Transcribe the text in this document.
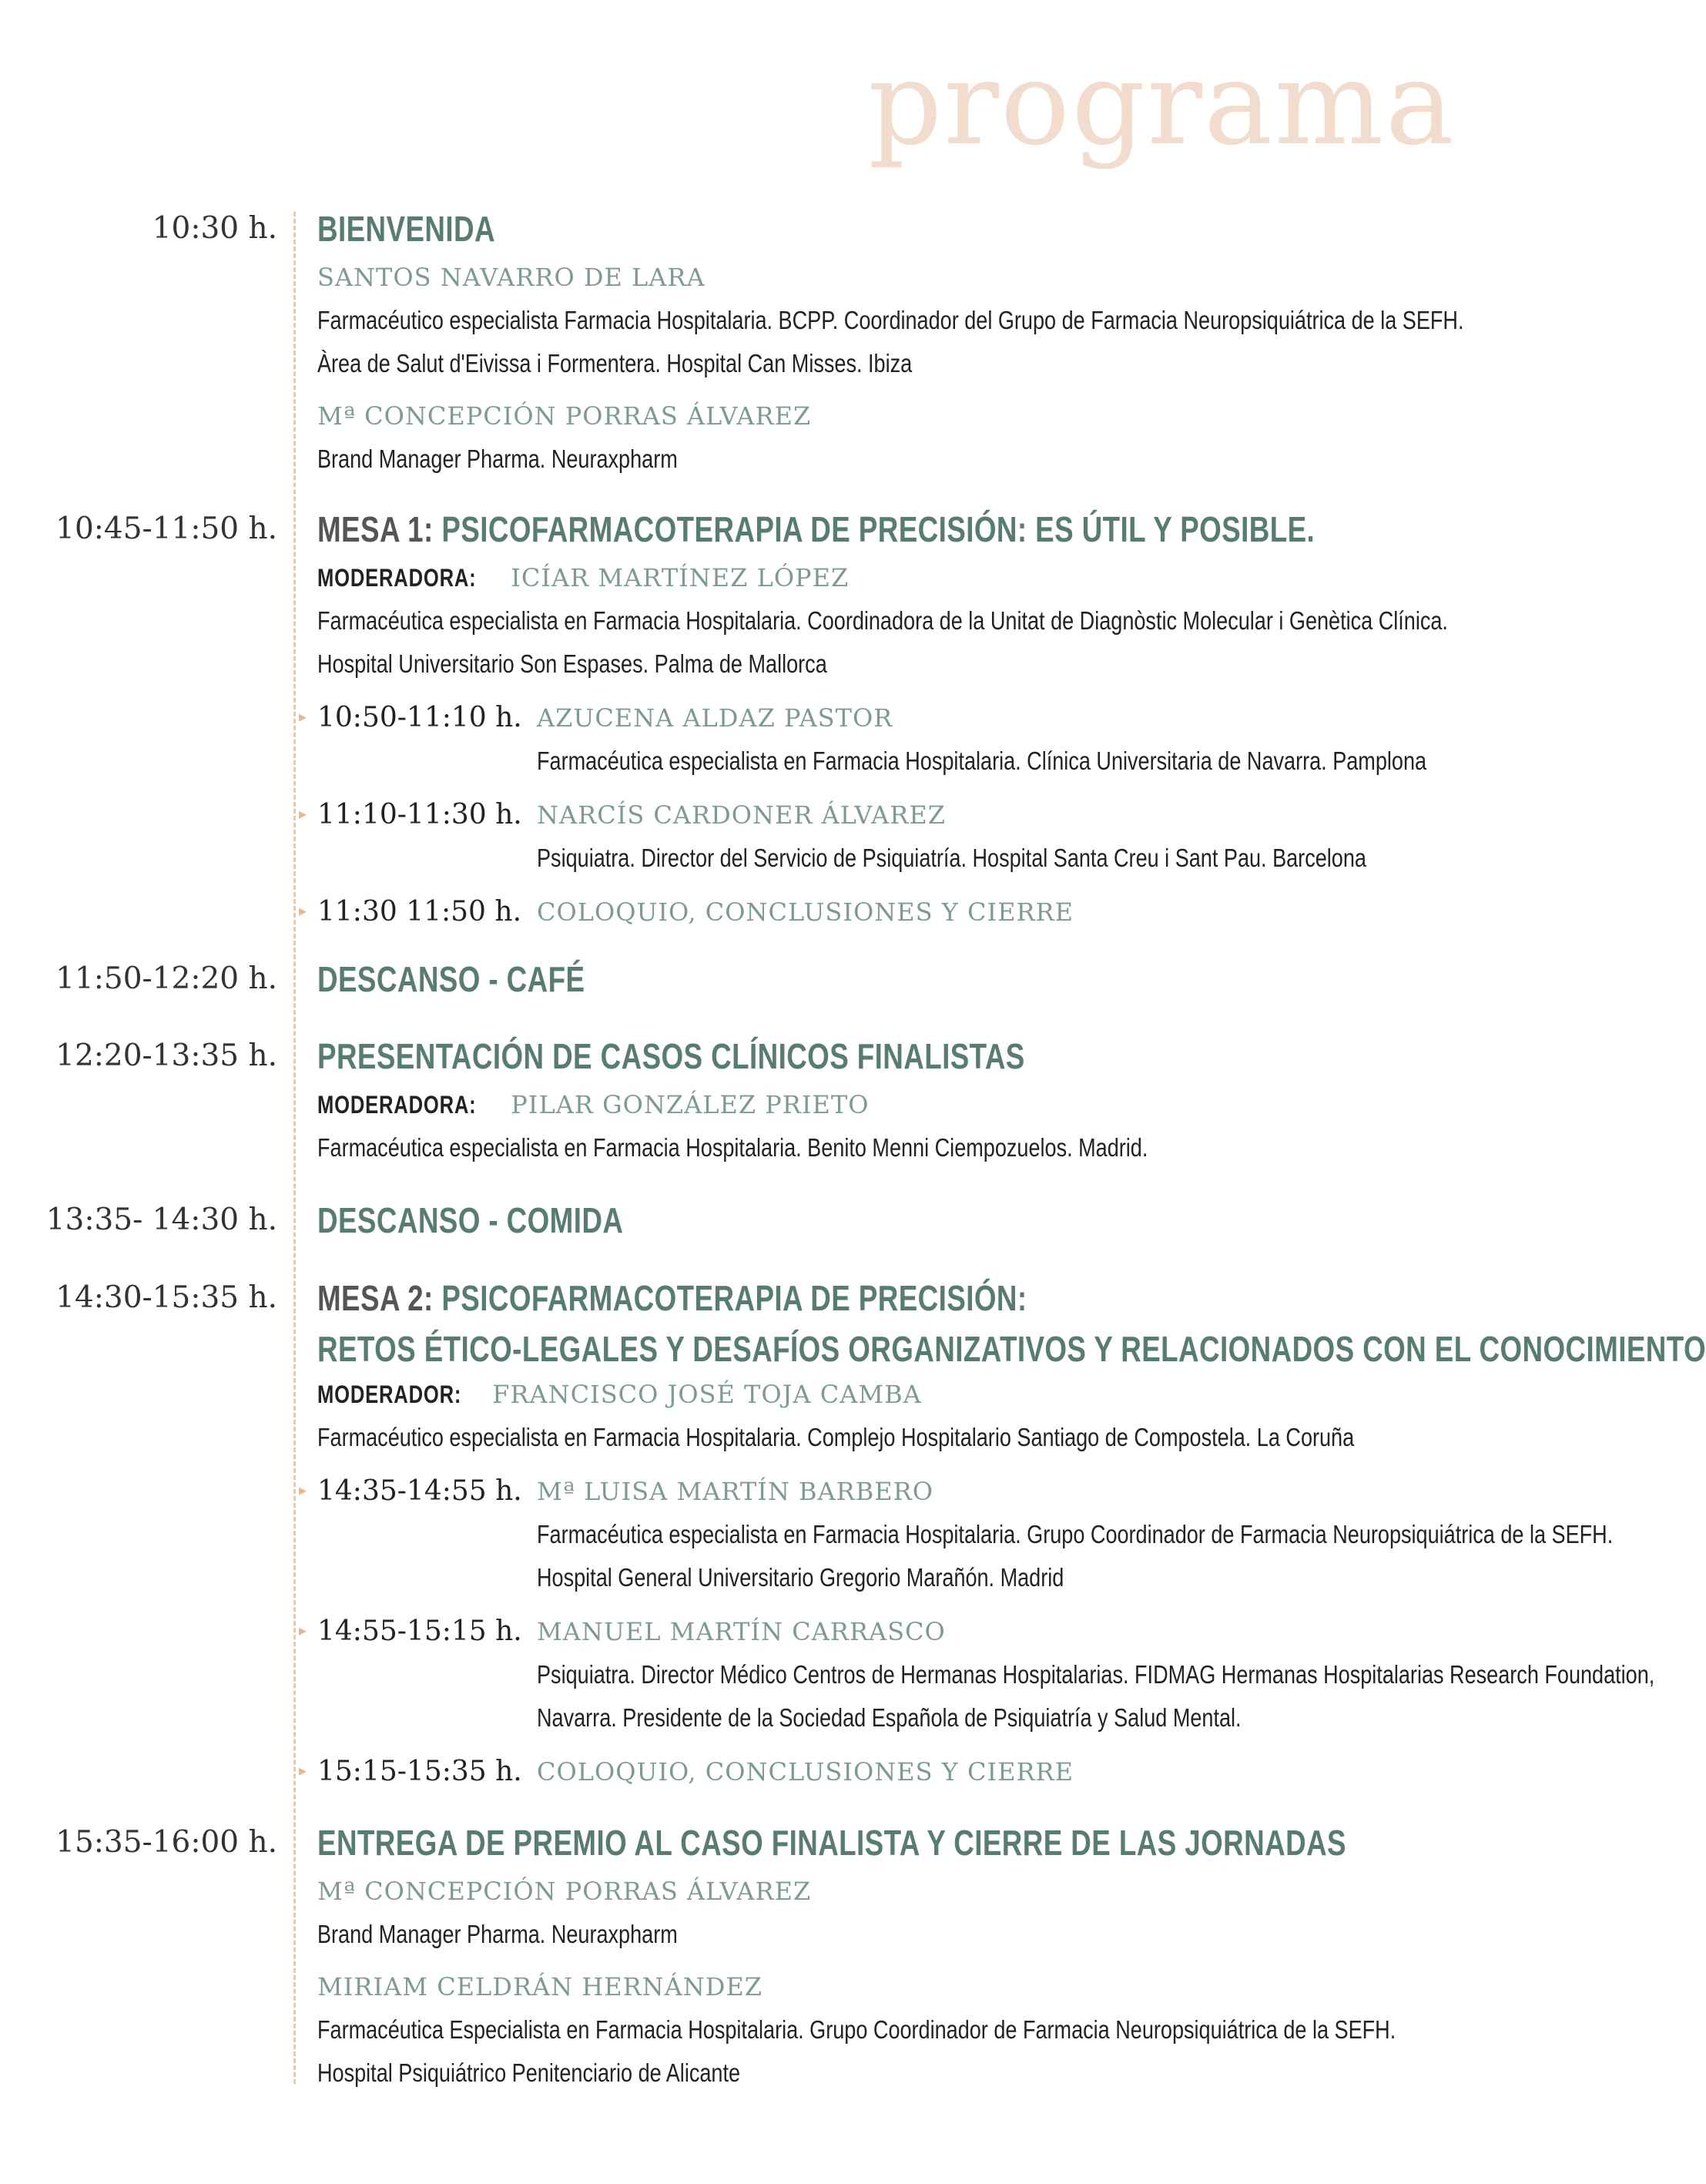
programa
10:30 h. BIENVENIDA
SANTOS NAVARRO DE LARA
Farmacéutico especialista Farmacia Hospitalaria. BCPP. Coordinador del Grupo de Farmacia Neuropsiquiátrica de la SEFH.
Àrea de Salut d'Eivissa i Formentera. Hospital Can Misses. Ibiza
Mª CONCEPCIÓN PORRAS ÁLVAREZ
Brand Manager Pharma. Neuraxpharm
10:45-11:50 h. MESA 1: PSICOFARMACOTERAPIA DE PRECISIÓN: ES ÚTIL Y POSIBLE.
MODERADORA: ICÍAR MARTÍNEZ LÓPEZ
Farmacéutica especialista en Farmacia Hospitalaria. Coordinadora de la Unitat de Diagnòstic Molecular i Genètica Clínica.
Hospital Universitario Son Espases. Palma de Mallorca
▸ 10:50-11:10 h. AZUCENA ALDAZ PASTOR
Farmacéutica especialista en Farmacia Hospitalaria. Clínica Universitaria de Navarra. Pamplona
▸ 11:10-11:30 h. NARCÍS CARDONER ÁLVAREZ
Psiquiatra. Director del Servicio de Psiquiatría. Hospital Santa Creu i Sant Pau. Barcelona
▸ 11:30 11:50 h. COLOQUIO, CONCLUSIONES Y CIERRE
11:50-12:20 h. DESCANSO - CAFÉ
12:20-13:35 h. PRESENTACIÓN DE CASOS CLÍNICOS FINALISTAS
MODERADORA: PILAR GONZÁLEZ PRIETO
Farmacéutica especialista en Farmacia Hospitalaria. Benito Menni Ciempozuelos. Madrid.
13:35- 14:30 h. DESCANSO - COMIDA
14:30-15:35 h. MESA 2: PSICOFARMACOTERAPIA DE PRECISIÓN:
RETOS ÉTICO-LEGALES Y DESAFÍOS ORGANIZATIVOS Y RELACIONADOS CON EL CONOCIMIENTO
MODERADOR: FRANCISCO JOSÉ TOJA CAMBA
Farmacéutico especialista en Farmacia Hospitalaria. Complejo Hospitalario Santiago de Compostela. La Coruña
▸ 14:35-14:55 h. Mª LUISA MARTÍN BARBERO
Farmacéutica especialista en Farmacia Hospitalaria. Grupo Coordinador de Farmacia Neuropsiquiátrica de la SEFH.
Hospital General Universitario Gregorio Marañón. Madrid
▸ 14:55-15:15 h. MANUEL MARTÍN CARRASCO
Psiquiatra. Director Médico Centros de Hermanas Hospitalarias. FIDMAG Hermanas Hospitalarias Research Foundation,
Navarra. Presidente de la Sociedad Española de Psiquiatría y Salud Mental.
▸ 15:15-15:35 h. COLOQUIO, CONCLUSIONES Y CIERRE
15:35-16:00 h. ENTREGA DE PREMIO AL CASO FINALISTA Y CIERRE DE LAS JORNADAS
Mª CONCEPCIÓN PORRAS ÁLVAREZ
Brand Manager Pharma. Neuraxpharm
MIRIAM CELDRÁN HERNÁNDEZ
Farmacéutica Especialista en Farmacia Hospitalaria. Grupo Coordinador de Farmacia Neuropsiquiátrica de la SEFH.
Hospital Psiquiátrico Penitenciario de Alicante
